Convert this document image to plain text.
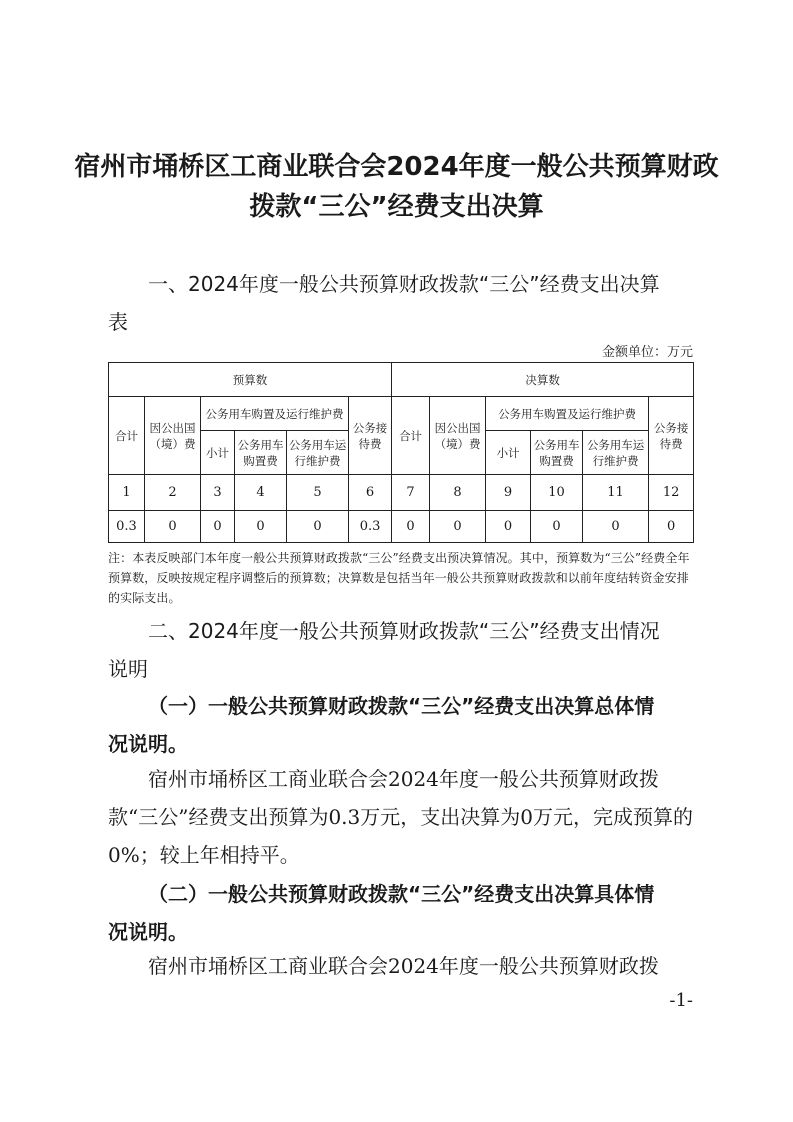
宿州市埇桥区工商业联合会2024年度一般公共预算财政
拨款“三公”经费支出决算
一、2024年度一般公共预算财政拨款“三公”经费支出决算
表
金额单位：万元
预算数						决算数					
合计	因公出国（境）费	公务用车购置及运行维护费			公务接待费	合计	因公出国（境）费	公务用车购置及运行维护费			公务接待费
		小计	公务用车购置费	公务用车运行维护费				小计	公务用车购置费	公务用车运行维护费	
1	2	3	4	5	6	7	8	9	10	11	12
0.3	0	0	0	0	0.3	0	0	0	0	0	0
注：本表反映部门本年度一般公共预算财政拨款“三公”经费支出预决算情况。其中，预算数为“三公”经费全年预算数，反映按规定程序调整后的预算数；决算数是包括当年一般公共预算财政拨款和以前年度结转资金安排的实际支出。
二、2024年度一般公共预算财政拨款“三公”经费支出情况
说明
（一）一般公共预算财政拨款“三公”经费支出决算总体情
况说明。
宿州市埇桥区工商业联合会2024年度一般公共预算财政拨款“三公”经费支出预算为0.3万元，支出决算为0万元，完成预算的0%；较上年相持平。
（二）一般公共预算财政拨款“三公”经费支出决算具体情
况说明。
宿州市埇桥区工商业联合会2024年度一般公共预算财政拨
-1-
